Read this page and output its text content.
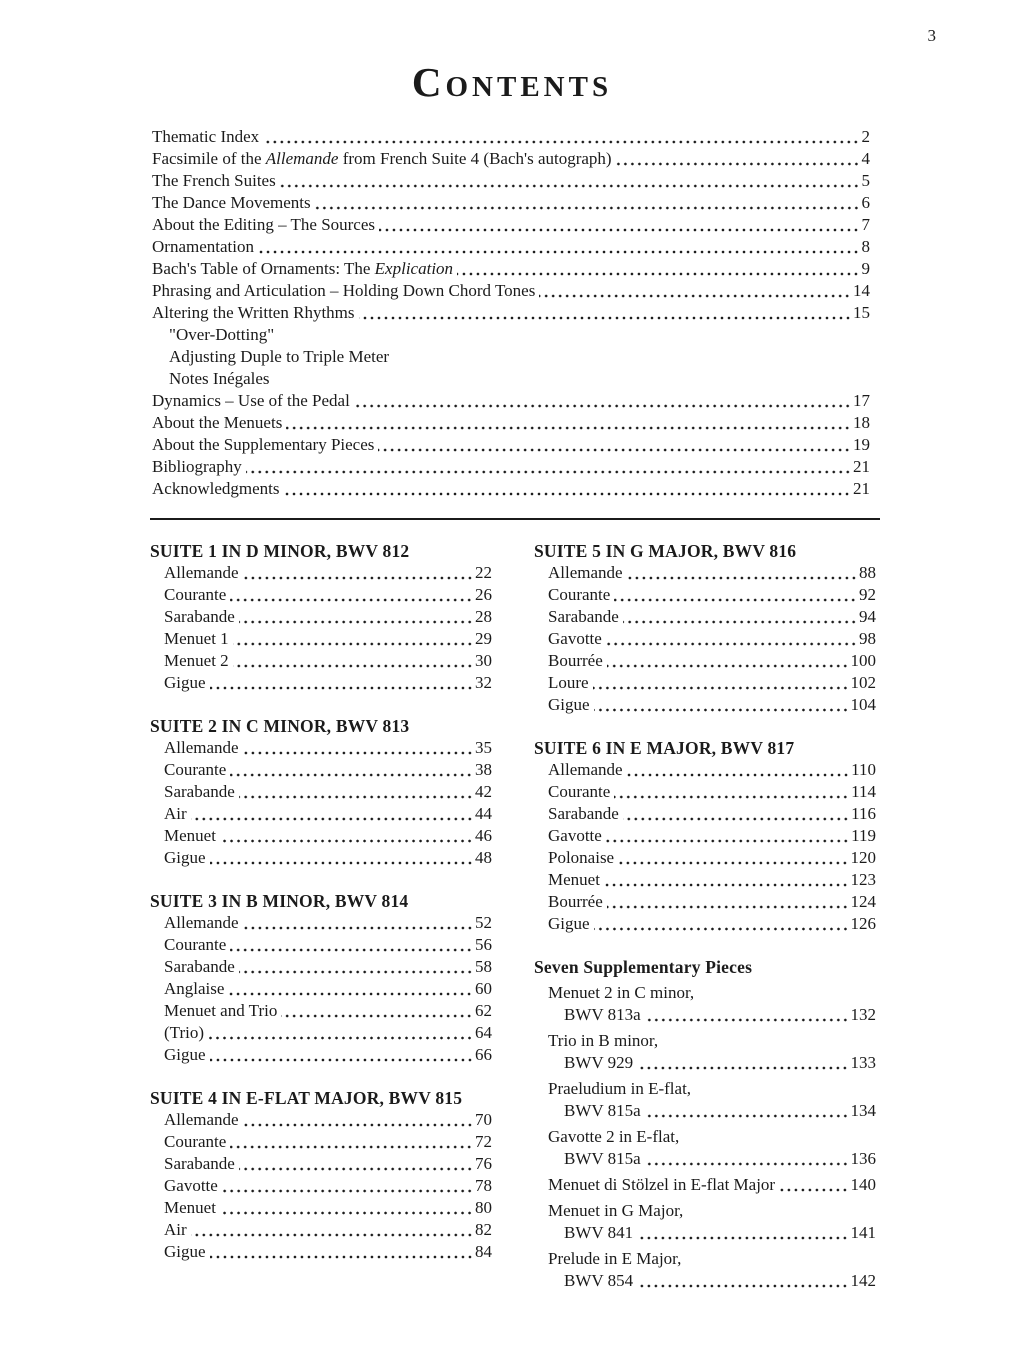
3
Contents
Thematic Index	2
Facsimile of the Allemande from French Suite 4 (Bach's autograph)	4
The French Suites	5
The Dance Movements	6
About the Editing – The Sources	7
Ornamentation	8
Bach's Table of Ornaments: The Explication	9
Phrasing and Articulation – Holding Down Chord Tones	14
Altering the Written Rhythms	15
"Over-Dotting"
Adjusting Duple to Triple Meter
Notes Inégales
Dynamics – Use of the Pedal	17
About the Menuets	18
About the Supplementary Pieces	19
Bibliography	21
Acknowledgments	21
SUITE 1 IN D MINOR, BWV 812
Allemande	22
Courante	26
Sarabande	28
Menuet 1	29
Menuet 2	30
Gigue	32
SUITE 2 IN C MINOR, BWV 813
Allemande	35
Courante	38
Sarabande	42
Air	44
Menuet	46
Gigue	48
SUITE 3 IN B MINOR, BWV 814
Allemande	52
Courante	56
Sarabande	58
Anglaise	60
Menuet and Trio	62
(Trio)	64
Gigue	66
SUITE 4 IN E-FLAT MAJOR, BWV 815
Allemande	70
Courante	72
Sarabande	76
Gavotte	78
Menuet	80
Air	82
Gigue	84
SUITE 5 IN G MAJOR, BWV 816
Allemande	88
Courante	92
Sarabande	94
Gavotte	98
Bourrée	100
Loure	102
Gigue	104
SUITE 6 IN E MAJOR, BWV 817
Allemande	110
Courante	114
Sarabande	116
Gavotte	119
Polonaise	120
Menuet	123
Bourrée	124
Gigue	126
Seven Supplementary Pieces
Menuet 2 in C minor,
BWV 813a	132
Trio in B minor,
BWV 929	133
Praeludium in E-flat,
BWV 815a	134
Gavotte 2 in E-flat,
BWV 815a	136
Menuet di Stölzel in E-flat Major	140
Menuet in G Major,
BWV 841	141
Prelude in E Major,
BWV 854	142
